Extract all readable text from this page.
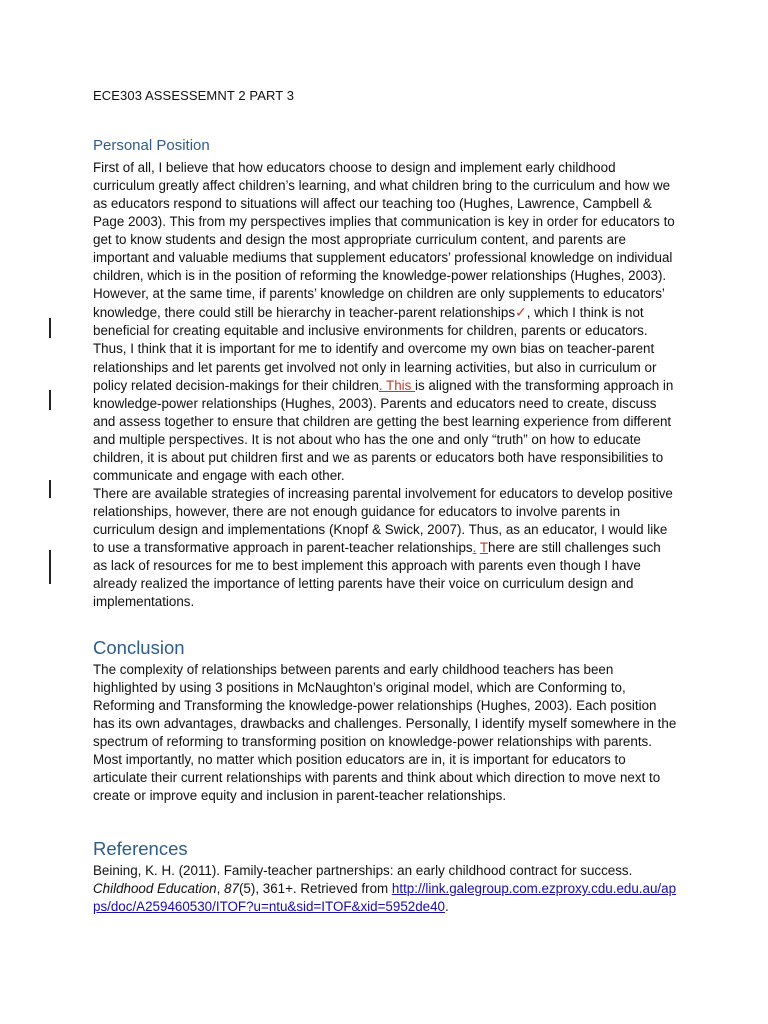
ECE303 ASSESSEMNT 2 PART 3
Personal Position

First of all, I believe that how educators choose to design and implement early childhood curriculum greatly affect children’s learning, and what children bring to the curriculum and how we as educators respond to situations will affect our teaching too (Hughes, Lawrence, Campbell & Page 2003). This from my perspectives implies that communication is key in order for educators to get to know students and design the most appropriate curriculum content, and parents are important and valuable mediums that supplement educators’ professional knowledge on individual children, which is in the position of reforming the knowledge-power relationships (Hughes, 2003). However, at the same time, if parents’ knowledge on children are only supplements to educators’ knowledge, there could still be hierarchy in teacher-parent relationships✓, which I think is not beneficial for creating equitable and inclusive environments for children, parents or educators. Thus, I think that it is important for me to identify and overcome my own bias on teacher-parent relationships and let parents get involved not only in learning activities, but also in curriculum or policy related decision-makings for their children. This is aligned with the transforming approach in knowledge-power relationships (Hughes, 2003). Parents and educators need to create, discuss and assess together to ensure that children are getting the best learning experience from different and multiple perspectives. It is not about who has the one and only “truth” on how to educate children, it is about put children first and we as parents or educators both have responsibilities to communicate and engage with each other.

There are available strategies of increasing parental involvement for educators to develop positive relationships, however, there are not enough guidance for educators to involve parents in curriculum design and implementations (Knopf & Swick, 2007). Thus, as an educator, I would like to use a transformative approach in parent-teacher relationships. There are still challenges such as lack of resources for me to best implement this approach with parents even though I have already realized the importance of letting parents have their voice on curriculum design and implementations.

Conclusion

The complexity of relationships between parents and early childhood teachers has been highlighted by using 3 positions in McNaughton’s original model, which are Conforming to, Reforming and Transforming the knowledge-power relationships (Hughes, 2003). Each position has its own advantages, drawbacks and challenges. Personally, I identify myself somewhere in the spectrum of reforming to transforming position on knowledge-power relationships with parents. Most importantly, no matter which position educators are in, it is important for educators to articulate their current relationships with parents and think about which direction to move next to create or improve equity and inclusion in parent-teacher relationships.

References

Beining, K. H. (2011). Family-teacher partnerships: an early childhood contract for success. Childhood Education, 87(5), 361+. Retrieved from http://link.galegroup.com.ezproxy.cdu.edu.au/apps/doc/A259460530/ITOF?u=ntu&sid=ITOF&xid=5952de40.
